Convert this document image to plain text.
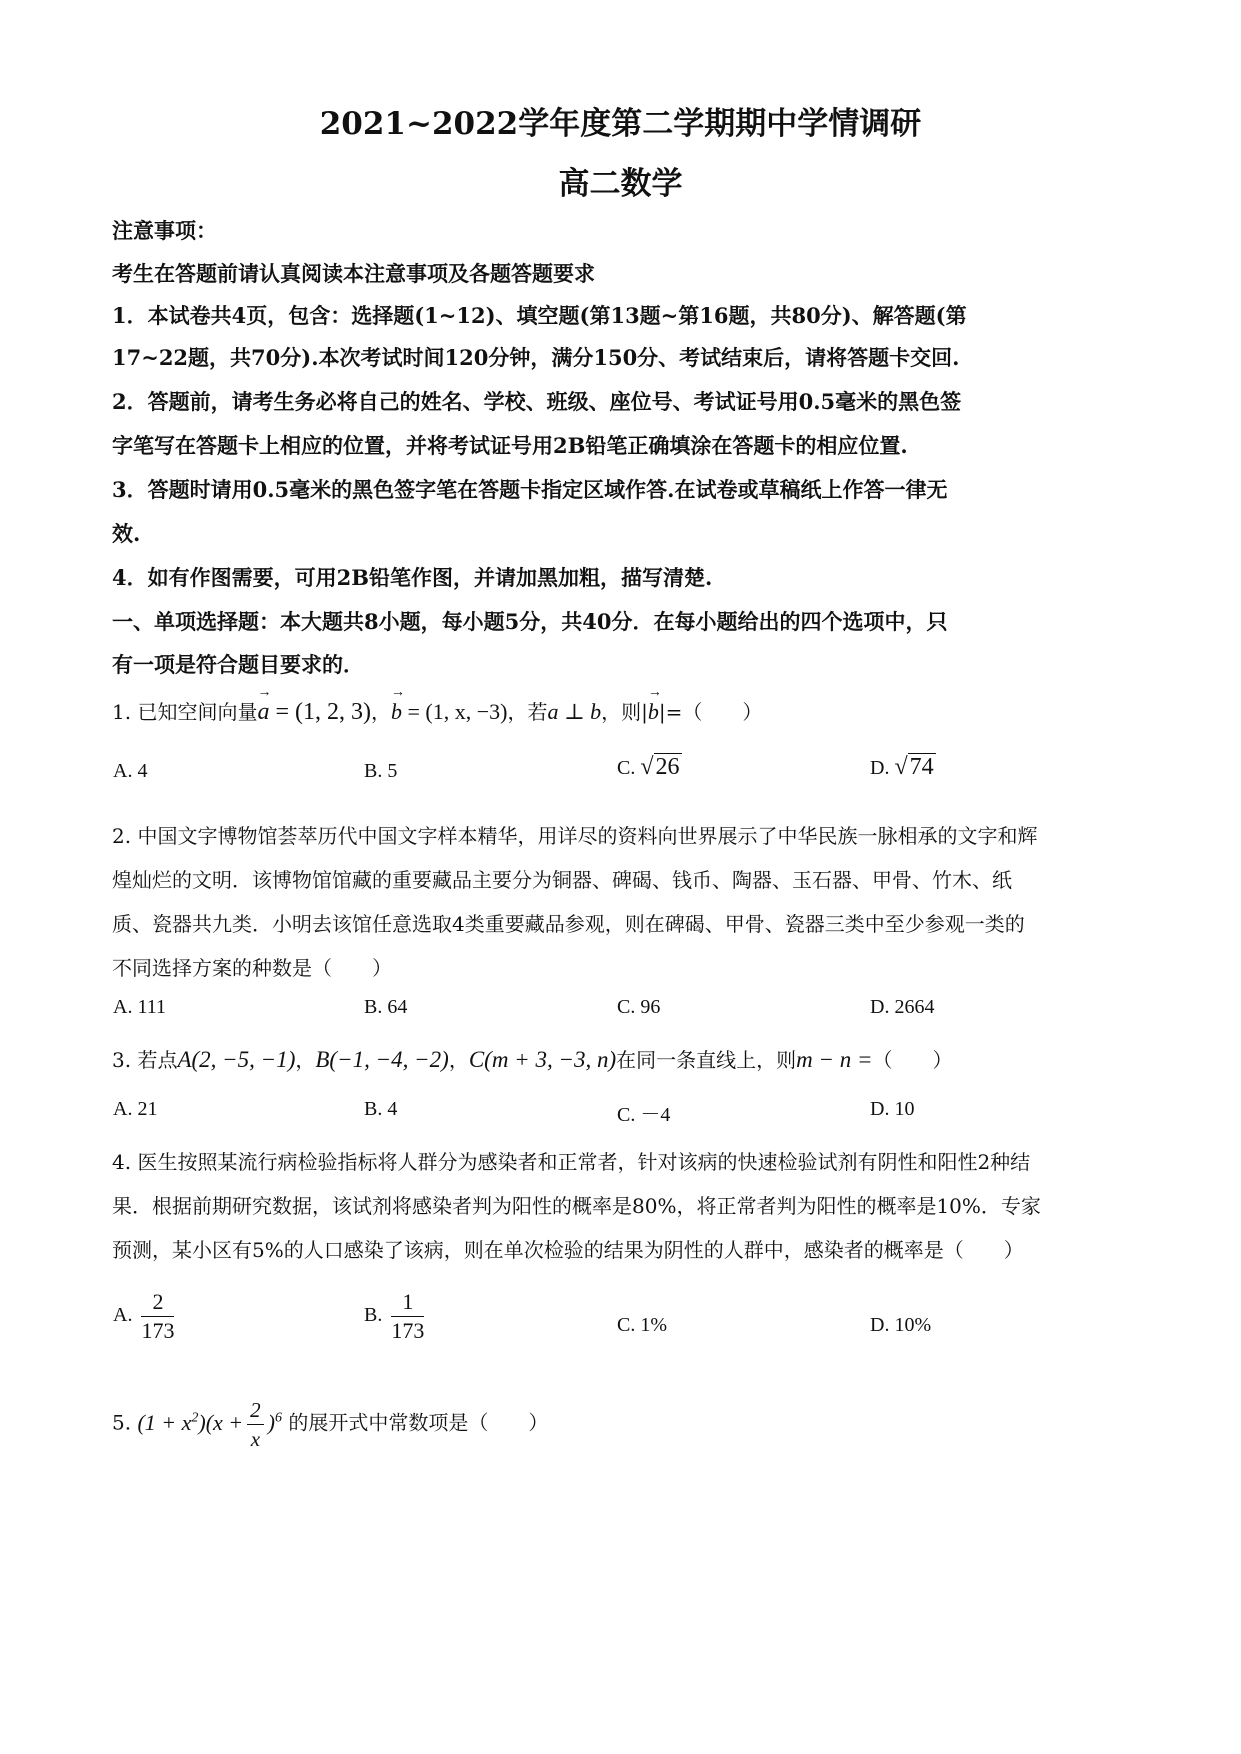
2021~2022学年度第二学期期中学情调研
高二数学
注意事项：
考生在答题前请认真阅读本注意事项及各题答题要求
1．本试卷共4页，包含：选择题(1~12)、填空题(第13题~第16题，共80分)、解答题(第
17~22题，共70分).本次考试时间120分钟，满分150分、考试结束后，请将答题卡交回.
2．答题前，请考生务必将自己的姓名、学校、班级、座位号、考试证号用0.5毫米的黑色签
字笔写在答题卡上相应的位置，并将考试证号用2B铅笔正确填涂在答题卡的相应位置.
3．答题时请用0.5毫米的黑色签字笔在答题卡指定区域作答.在试卷或草稿纸上作答一律无
效.
4．如有作图需要，可用2B铅笔作图，并请加黑加粗，描写清楚.
一、单项选择题：本大题共8小题，每小题5分，共40分．在每小题给出的四个选项中，只
有一项是符合题目要求的．
1. 已知空间向量→ a = (1, 2, 3)，→ b = (1, x, −3)，若a ⊥ b，则|→ b|=（　　）
A. 4	B. 5	C. √26	D. √74
2. 中国文字博物馆荟萃历代中国文字样本精华，用详尽的资料向世界展示了中华民族一脉相承的文字和辉
煌灿烂的文明．该博物馆馆藏的重要藏品主要分为铜器、碑碣、钱币、陶器、玉石器、甲骨、竹木、纸
质、瓷器共九类．小明去该馆任意选取4类重要藏品参观，则在碑碣、甲骨、瓷器三类中至少参观一类的
不同选择方案的种数是（　　）
A. 111	B. 64	C. 96	D. 2664
3. 若点A(2, −5, −1)，B(−1, −4, −2)，C(m + 3, −3, n)在同一条直线上，则m − n =（　　）
A. 21	B. 4	C. －4	D. 10
4. 医生按照某流行病检验指标将人群分为感染者和正常者，针对该病的快速检验试剂有阴性和阳性2种结
果．根据前期研究数据，该试剂将感染者判为阳性的概率是80%，将正常者判为阳性的概率是10%．专家
预测，某小区有5%的人口感染了该病，则在单次检验的结果为阴性的人群中，感染者的概率是（　　）
A. $\frac{2}{173}$	B. $\frac{1}{173}$	C. 1%	D. 10%
5. $(1 + x^2)(x + \frac{2}{x} )^6$ 的展开式中常数项是（　　）
